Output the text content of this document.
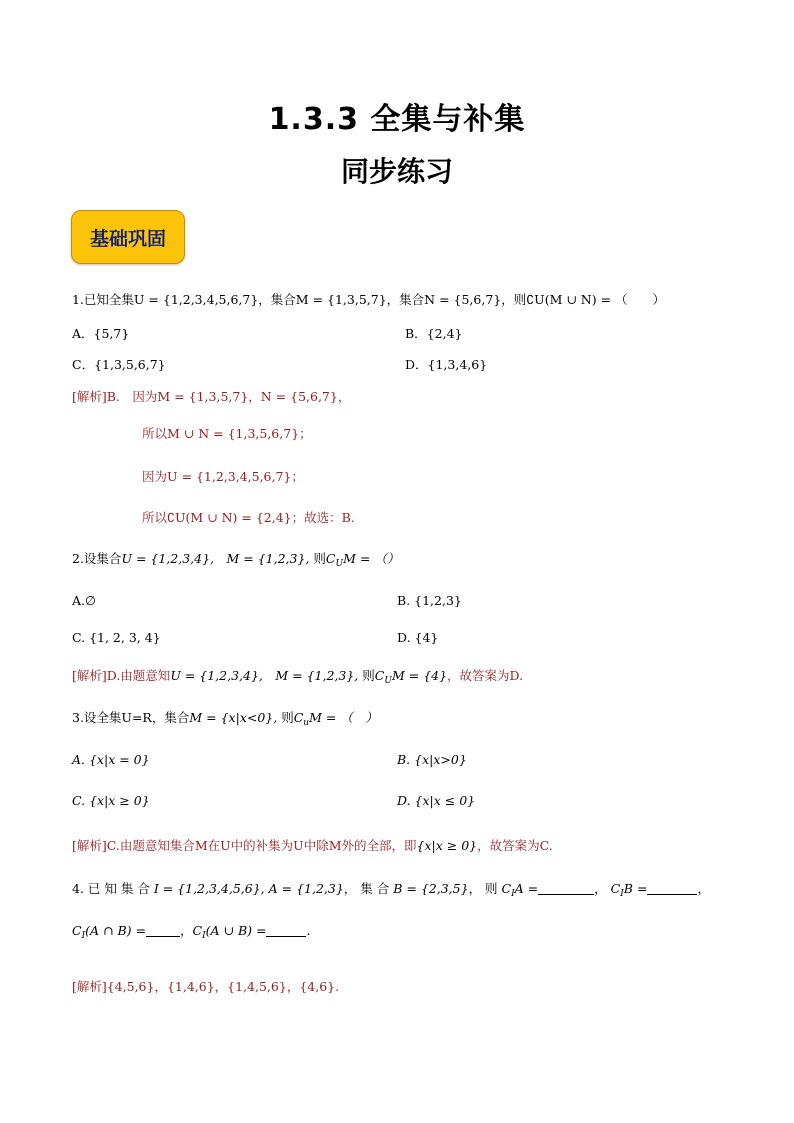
1.3.3 全集与补集
同步练习
基础巩固
1.已知全集U = {1,2,3,4,5,6,7}，集合M = {1,3,5,7}，集合N = {5,6,7}，则∁U(M ∪ N) = （　　）
A．{5,7}	B．{2,4}
C．{1,3,5,6,7}	D．{1,3,4,6}
[解析]B.　因为M = {1,3,5,7}，N = {5,6,7}，
所以M ∪ N = {1,3,5,6,7}；
因为U = {1,2,3,4,5,6,7}；
所以∁U(M ∪ N) = {2,4}；故选：B.
2.设集合U = {1,2,3,4},　M = {1,2,3}, 则$C_UM$ = （）
A.∅	B. {1,2,3}
C. {1, 2, 3, 4}	D. {4}
[解析]D.由题意知U = {1,2,3,4},　M = {1,2,3}, 则$C_UM = \{4\}$，故答案为D.
3.设全集U=R，集合M = {x|x<0}, 则$C_uM$ = （　）
A. {x|x = 0}	B. {x|x>0}
C. {x|x ≥ 0}	D. {x|x ≤ 0}
[解析]C.由题意知集合M在U中的补集为U中除M外的全部，即{x|x ≥ 0}，故答案为C.
4. 已 知 集 合 I = {1,2,3,4,5,6}, A = {1,2,3}， 集 合 B = {2,3,5}， 则 $C_IA$ =	， $C_IB$ =	，
$C_I(A$ ∩ B) =	，$C_I(A$ ∪ B) =	.
[解析]{4,5,6}，{1,4,6}，{1,4,5,6}，{4,6}.
